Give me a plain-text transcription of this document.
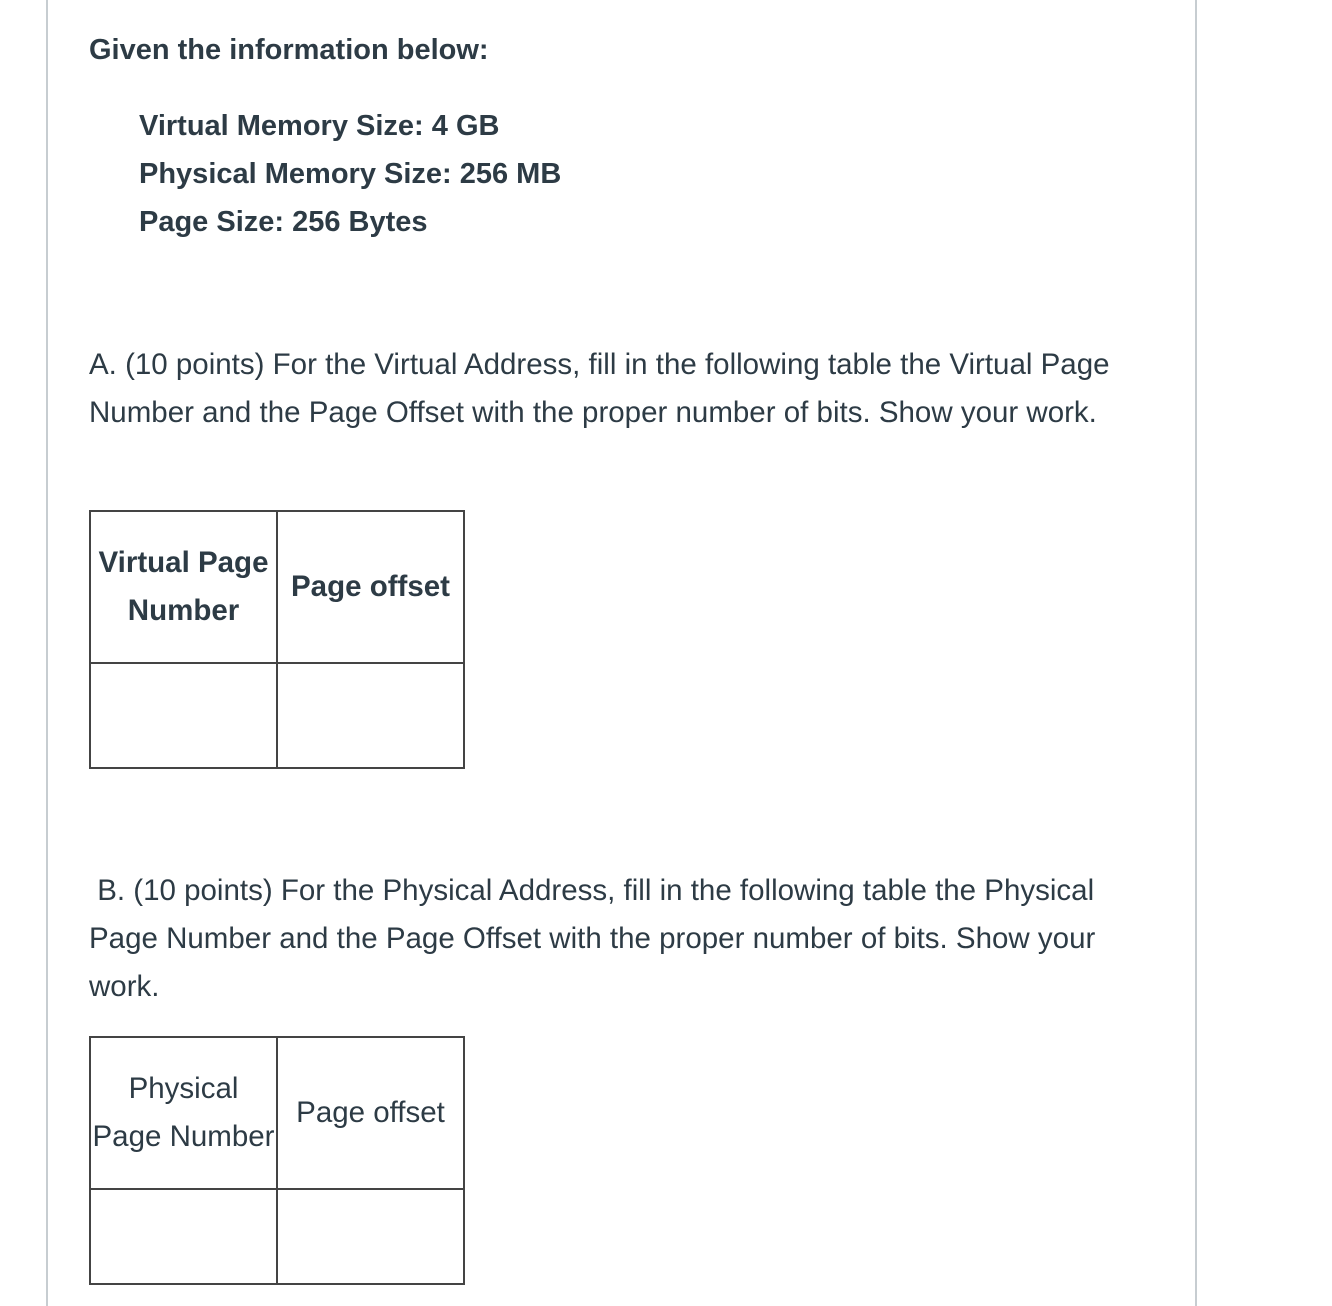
Given the information below:
Virtual Memory Size: 4 GB
Physical Memory Size: 256 MB
Page Size: 256 Bytes
A. (10 points) For the Virtual Address, fill in the following table the Virtual Page Number and the Page Offset with the proper number of bits. Show your work.
Virtual Page Number	Page offset

B. (10 points) For the Physical Address, fill in the following table the Physical Page Number and the Page Offset with the proper number of bits. Show your work.
Physical Page Number	Page offset
